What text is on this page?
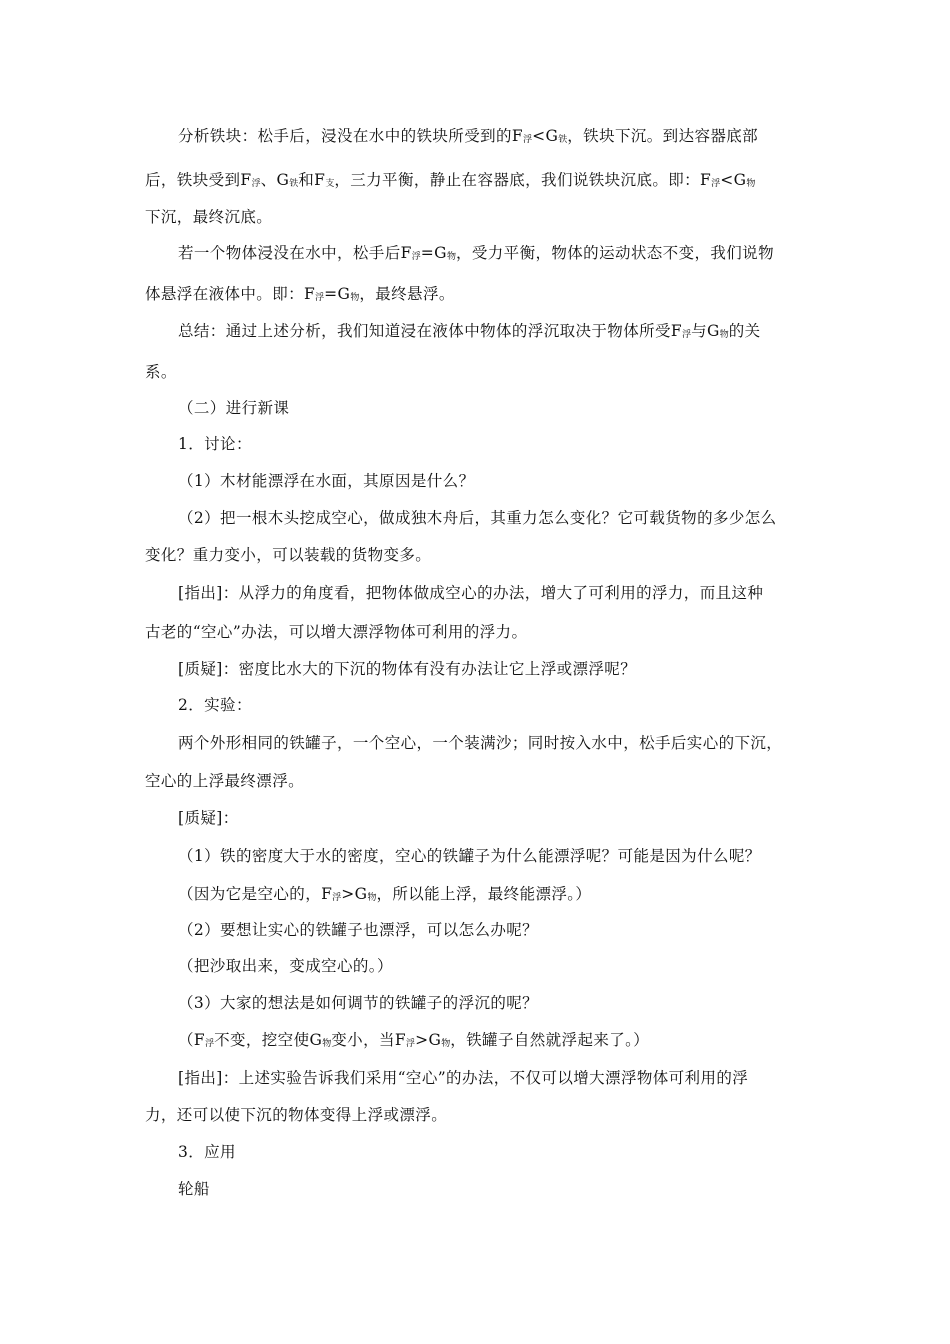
分析铁块：松手后，浸没在水中的铁块所受到的F浮<G铁，铁块下沉。到达容器底部
后，铁块受到F浮、G铁和F支，三力平衡，静止在容器底，我们说铁块沉底。即：F浮<G物
下沉，最终沉底。
若一个物体浸没在水中，松手后F浮=G物，受力平衡，物体的运动状态不变，我们说物
体悬浮在液体中。即：F浮=G物，最终悬浮。
总结：通过上述分析，我们知道浸在液体中物体的浮沉取决于物体所受F浮与G物的关
系。
（二）进行新课
1．讨论：
（1）木材能漂浮在水面，其原因是什么？
（2）把一根木头挖成空心，做成独木舟后，其重力怎么变化？它可载货物的多少怎么
变化？重力变小，可以装载的货物变多。
[指出]：从浮力的角度看，把物体做成空心的办法，增大了可利用的浮力，而且这种
古老的“空心”办法，可以增大漂浮物体可利用的浮力。
[质疑]：密度比水大的下沉的物体有没有办法让它上浮或漂浮呢？
2．实验：
两个外形相同的铁罐子，一个空心，一个装满沙；同时按入水中，松手后实心的下沉，
空心的上浮最终漂浮。
[质疑]：
（1）铁的密度大于水的密度，空心的铁罐子为什么能漂浮呢？可能是因为什么呢？
（因为它是空心的，F浮>G物，所以能上浮，最终能漂浮。）
（2）要想让实心的铁罐子也漂浮，可以怎么办呢？
（把沙取出来，变成空心的。）
（3）大家的想法是如何调节的铁罐子的浮沉的呢？
（F浮不变，挖空使G物变小，当F浮>G物，铁罐子自然就浮起来了。）
[指出]：上述实验告诉我们采用“空心”的办法，不仅可以增大漂浮物体可利用的浮
力，还可以使下沉的物体变得上浮或漂浮。
3．应用
轮船
